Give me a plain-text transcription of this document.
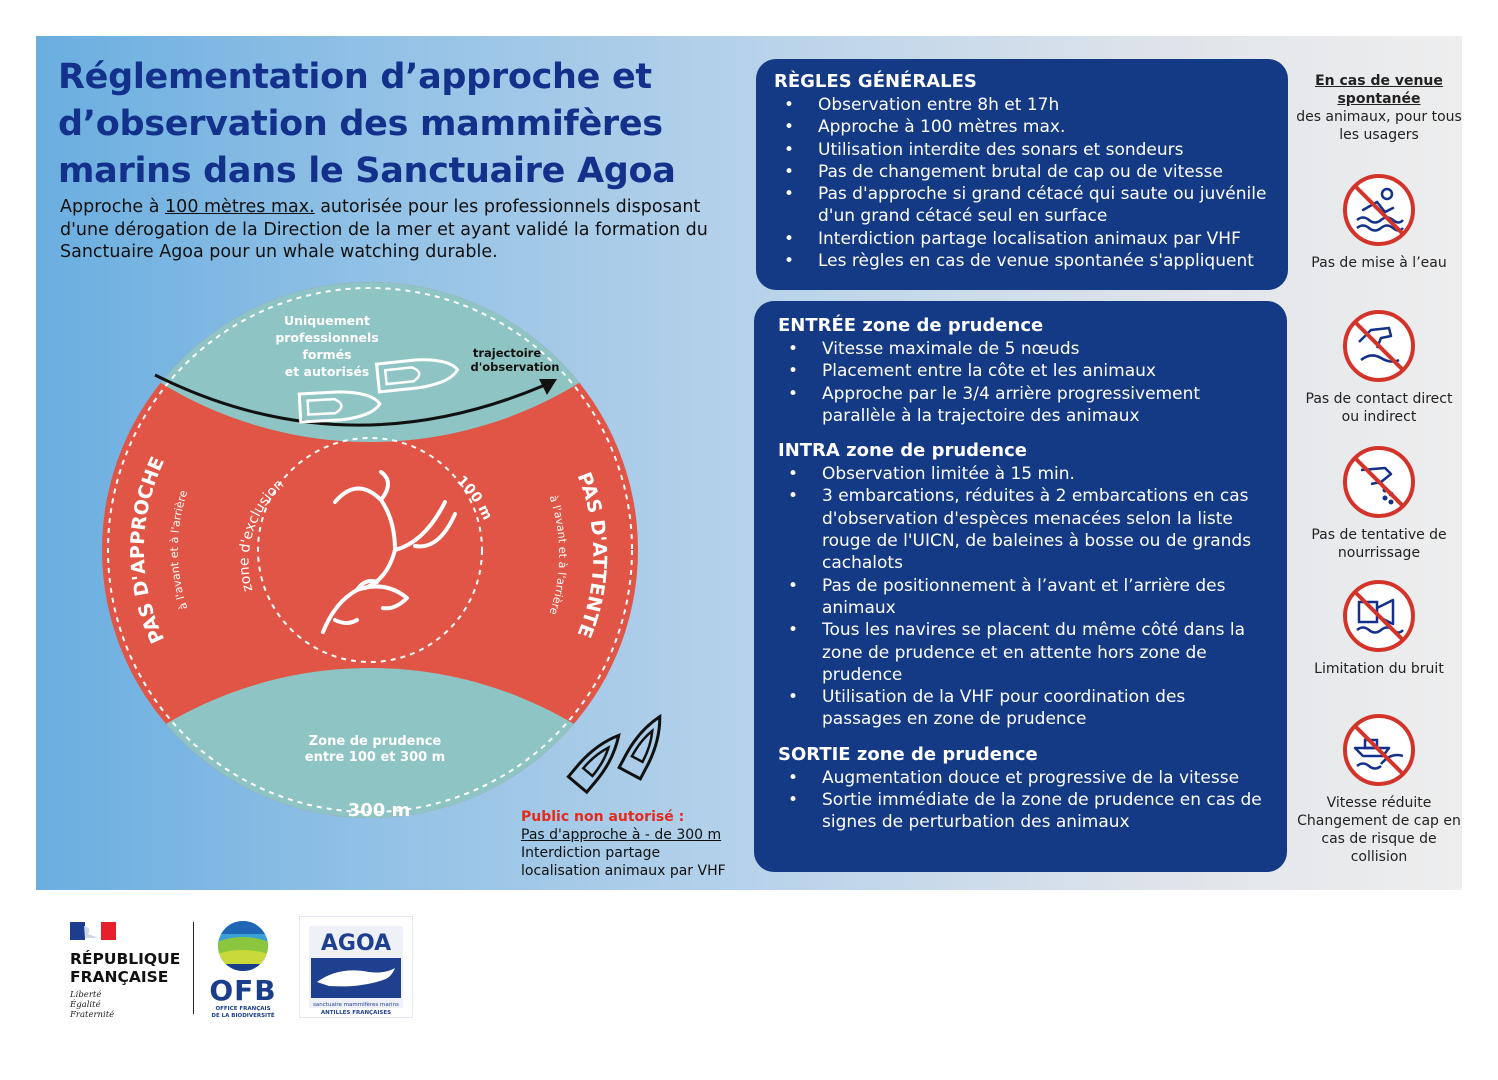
Réglementation d’approche et d’observation des mammifères marins dans le Sanctuaire Agoa
Approche à 100 mètres max. autorisée pour les professionnels disposant d'une dérogation de la Direction de la mer et ayant validé la formation du Sanctuaire Agoa pour un whale watching durable.
Uniquement
professionnels
formés
et autorisés
trajectoire
d'observation
PAS D'APPROCHE
à l'avant et à l'arrière
PAS D'ATTENTE
à l'avant et à l'arrière
zone d'exclusion	100 m
Zone de prudence
entre 100 et 300 m
300 m	Public non autorisé :
Pas d'approche à - de 300 m
Interdiction partage
localisation animaux par VHF
RÈGLES GÉNÉRALES
• Observation entre 8h et 17h
• Approche à 100 mètres max.
• Utilisation interdite des sonars et sondeurs
• Pas de changement brutal de cap ou de vitesse
• Pas d'approche si grand cétacé qui saute ou juvénile d'un grand cétacé seul en surface
• Interdiction partage localisation animaux par VHF
• Les règles en cas de venue spontanée s'appliquent
ENTRÉE zone de prudence
• Vitesse maximale de 5 nœuds
• Placement entre la côte et les animaux
• Approche par le 3/4 arrière progressivement parallèle à la trajectoire des animaux
INTRA zone de prudence
• Observation limitée à 15 min.
• 3 embarcations, réduites à 2 embarcations en cas d'observation d'espèces menacées selon la liste rouge de l'UICN, de baleines à bosse ou de grands cachalots
• Pas de positionnement à l’avant et l’arrière des animaux
• Tous les navires se placent du même côté dans la zone de prudence et en attente hors zone de prudence
• Utilisation de la VHF pour coordination des passages en zone de prudence
SORTIE zone de prudence
• Augmentation douce et progressive de la vitesse
• Sortie immédiate de la zone de prudence en cas de signes de perturbation des animaux
En cas de venue spontanée
des animaux, pour tous les usagers
Pas de mise à l’eau
Pas de contact direct ou indirect
Pas de tentative de nourrissage
Limitation du bruit
Vitesse réduite Changement de cap en cas de risque de collision
RÉPUBLIQUE
FRANÇAISE
Liberté
Égalité
Fraternité
OFB
OFFICE FRANÇAIS
DE LA BIODIVERSITÉ
AGOA
sanctuaire mammifères marins
ANTILLES FRANÇAISES
